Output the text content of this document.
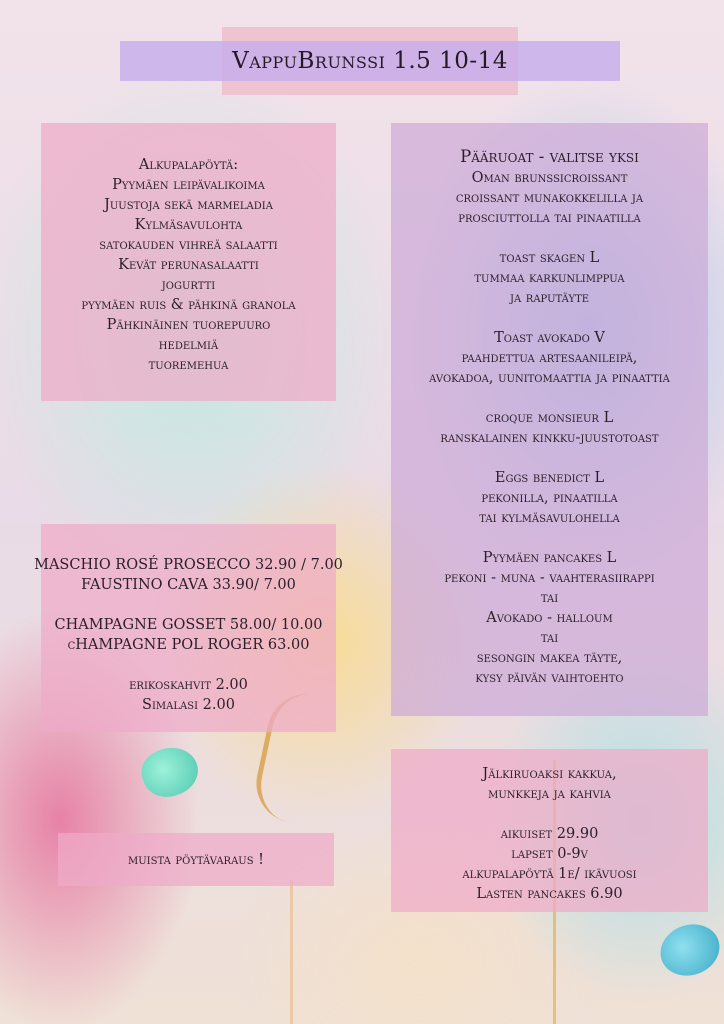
VappuBrunssi 1.5 10-14
Alkupalapöytä:
Pyymäen leipävalikoima
Juustoja sekä marmeladia
Kylmäsavulohta
satokauden vihreä salaatti
Kevät perunasalaatti
jogurtti
pyymäen ruis & pähkinä granola
Pähkinäinen tuorepuuro
hedelmiä
tuoremehua
MASCHIO ROSÉ PROSECCO 32.90 / 7.00
FAUSTINO CAVA 33.90/ 7.00
CHAMPAGNE GOSSET 58.00/ 10.00
cHAMPAGNE POL ROGER 63.00
erikoskahvit 2.00
Simalasi 2.00
muista pöytävaraus !
Pääruoat - valitse yksi
Oman brunssicroissant
croissant munakokkelilla ja
prosciuttolla tai pinaatilla
toast skagen L
tummaa karkunlimppua
ja raputäyte
Toast avokado V
paahdettua artesaanileipä,
avokadoa, uunitomaattia ja pinaattia
croque monsieur L
ranskalainen kinkku-juustotoast
Eggs benedict L
pekonilla, pinaatilla
tai kylmäsavulohella
Pyymäen pancakes L
pekoni - muna - vaahterasiirappi
tai
Avokado - halloum
tai
sesongin makea täyte,
kysy päivän vaihtoehto
Jälkiruoaksi kakkua,
munkkeja ja kahvia
aikuiset 29.90
lapset 0-9v
alkupalapöytä 1e/ ikävuosi
Lasten pancakes 6.90
